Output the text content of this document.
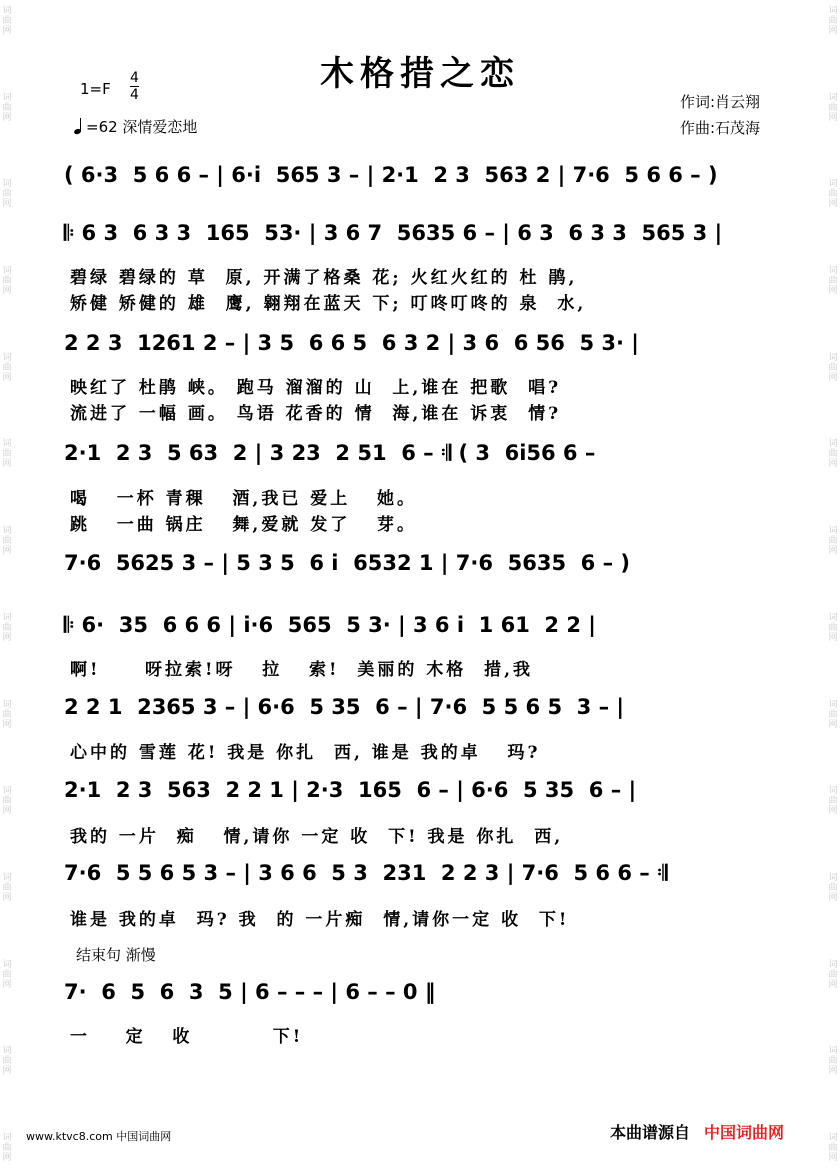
词
曲
网
词
曲
网
词
曲
网
词
曲
网
词
曲
网
词
曲
网
词
曲
网
词
曲
网
词
曲
网
词
曲
网
词
曲
网
词
曲
网
词
曲
网
词
曲
网
词
曲
网
词
曲
网
词
曲
网
词
曲
网
词
曲
网
词
曲
网
词
曲
网
词
曲
网
词
曲
网
词
曲
网
词
曲
网
词
曲
网
词
曲
网
词
曲
网
木格措之恋
1=F
4
4
=62 深情爱恋地
作词:肖云翔
作曲:石茂海
( 6·3  5 6 6 – | 6·i  565 3 – | 2·1  2 3  563 2 | 7·6  5 6 6 – )
𝄆 6 3  6 3 3  165  53· | 3 6 7  5635 6 – | 6 3  6 3 3  565 3 |
碧绿 碧绿的 草  原, 开满了格桑 花; 火红火红的 杜 鹃,
矫健 矫健的 雄  鹰, 翱翔在蓝天 下; 叮咚叮咚的 泉  水,
2 2 3  1261 2 – | 3 5  6 6 5  6 3 2 | 3 6  6 56  5 3· |
映红了 杜鹃 峡。 跑马 溜溜的 山  上,谁在 把歌  唱?
流进了 一幅 画。 鸟语 花香的 情  海,谁在 诉衷  情?
2·1  2 3  5 63  2 | 3 23  2 51  6 – 𝄇 ( 3  6i56 6 –
喝   一杯 青稞   酒,我已 爱上   她。
跳   一曲 锅庄   舞,爱就 发了   芽。
7·6  5625 3 – | 5 3 5  6 i  6532 1 | 7·6  5635  6 – )
𝄆 6·  35  6 6 6 | i·6  565  5 3· | 3 6 i  1 61  2 2 |
啊!     呀拉索!呀   拉   索!  美丽的 木格  措,我
2 2 1  2365 3 – | 6·6  5 35  6 – | 7·6  5 5 6 5  3 – |
心中的 雪莲 花! 我是 你扎  西, 谁是 我的卓   玛?
2·1  2 3  563  2 2 1 | 2·3  165  6 – | 6·6  5 35  6 – |
我的 一片  痴   情,请你 一定 收  下! 我是 你扎  西,
7·6  5 5 6 5 3 – | 3 6 6  5 3  231  2 2 3 | 7·6  5 6 6 – 𝄇
谁是 我的卓  玛? 我  的 一片痴  情,请你一定 收  下!
结束句 渐慢
7·  6  5  6  3  5 | 6 – – – | 6 – – 0 ‖
一    定   收         下!
www.ktvc8.com 中国词曲网	本曲谱源自 中国词曲网
